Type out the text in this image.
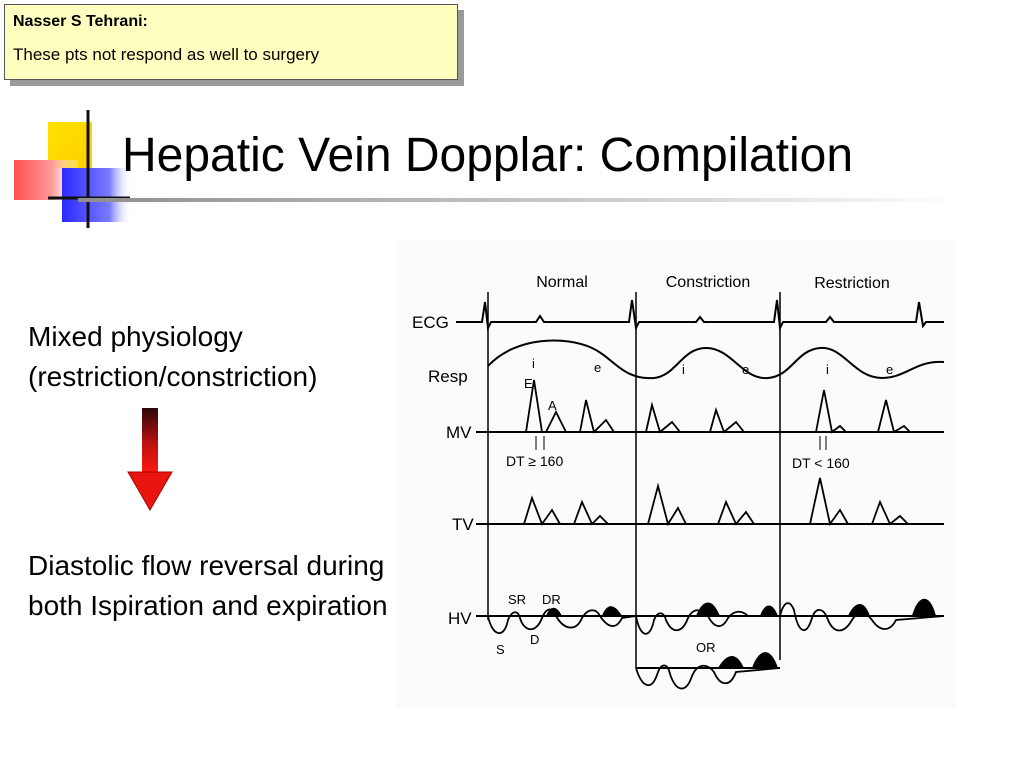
Nasser S Tehrani:
These pts not respond as well to surgery
Hepatic Vein Dopplar: Compilation
Mixed physiology (restriction/constriction)
Diastolic flow reversal during both Ispiration and expiration
Normal	Constriction	Restriction
ECG
Resp
MV
TV
HV
i	e	i	e	i	e
E
A
DT ≥ 160	DT < 160
SR DR
S
D
OR
